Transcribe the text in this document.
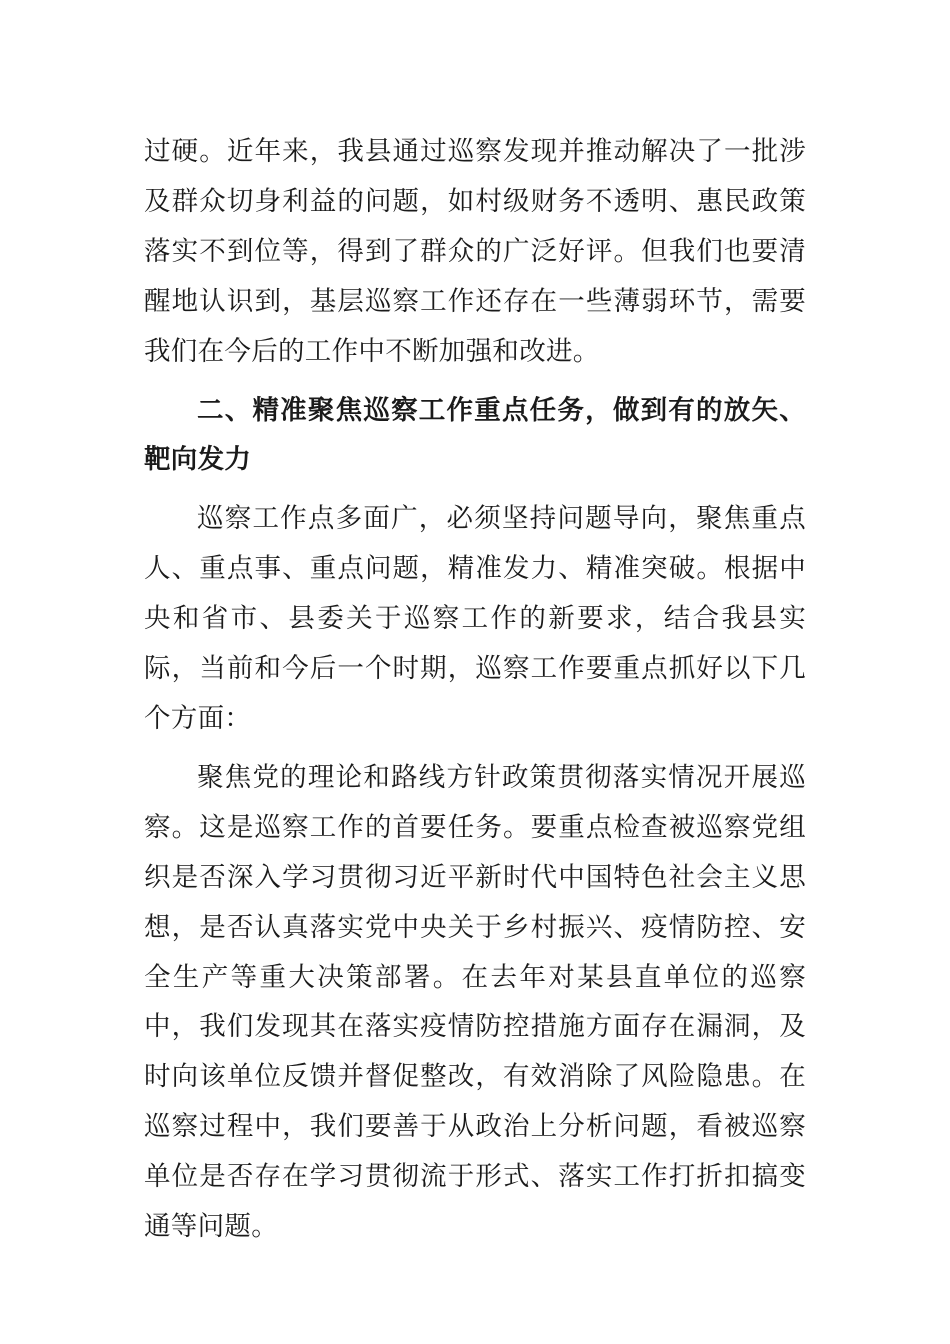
过硬。近年来，我县通过巡察发现并推动解决了一批涉及群众切身利益的问题，如村级财务不透明、惠民政策落实不到位等，得到了群众的广泛好评。但我们也要清醒地认识到，基层巡察工作还存在一些薄弱环节，需要我们在今后的工作中不断加强和改进。

二、精准聚焦巡察工作重点任务，做到有的放矢、靶向发力

巡察工作点多面广，必须坚持问题导向，聚焦重点人、重点事、重点问题，精准发力、精准突破。根据中央和省市、县委关于巡察工作的新要求，结合我县实际，当前和今后一个时期，巡察工作要重点抓好以下几个方面：

聚焦党的理论和路线方针政策贯彻落实情况开展巡察。这是巡察工作的首要任务。要重点检查被巡察党组织是否深入学习贯彻习近平新时代中国特色社会主义思想，是否认真落实党中央关于乡村振兴、疫情防控、安全生产等重大决策部署。在去年对某县直单位的巡察中，我们发现其在落实疫情防控措施方面存在漏洞，及时向该单位反馈并督促整改，有效消除了风险隐患。在巡察过程中，我们要善于从政治上分析问题，看被巡察单位是否存在学习贯彻流于形式、落实工作打折扣搞变通等问题。
